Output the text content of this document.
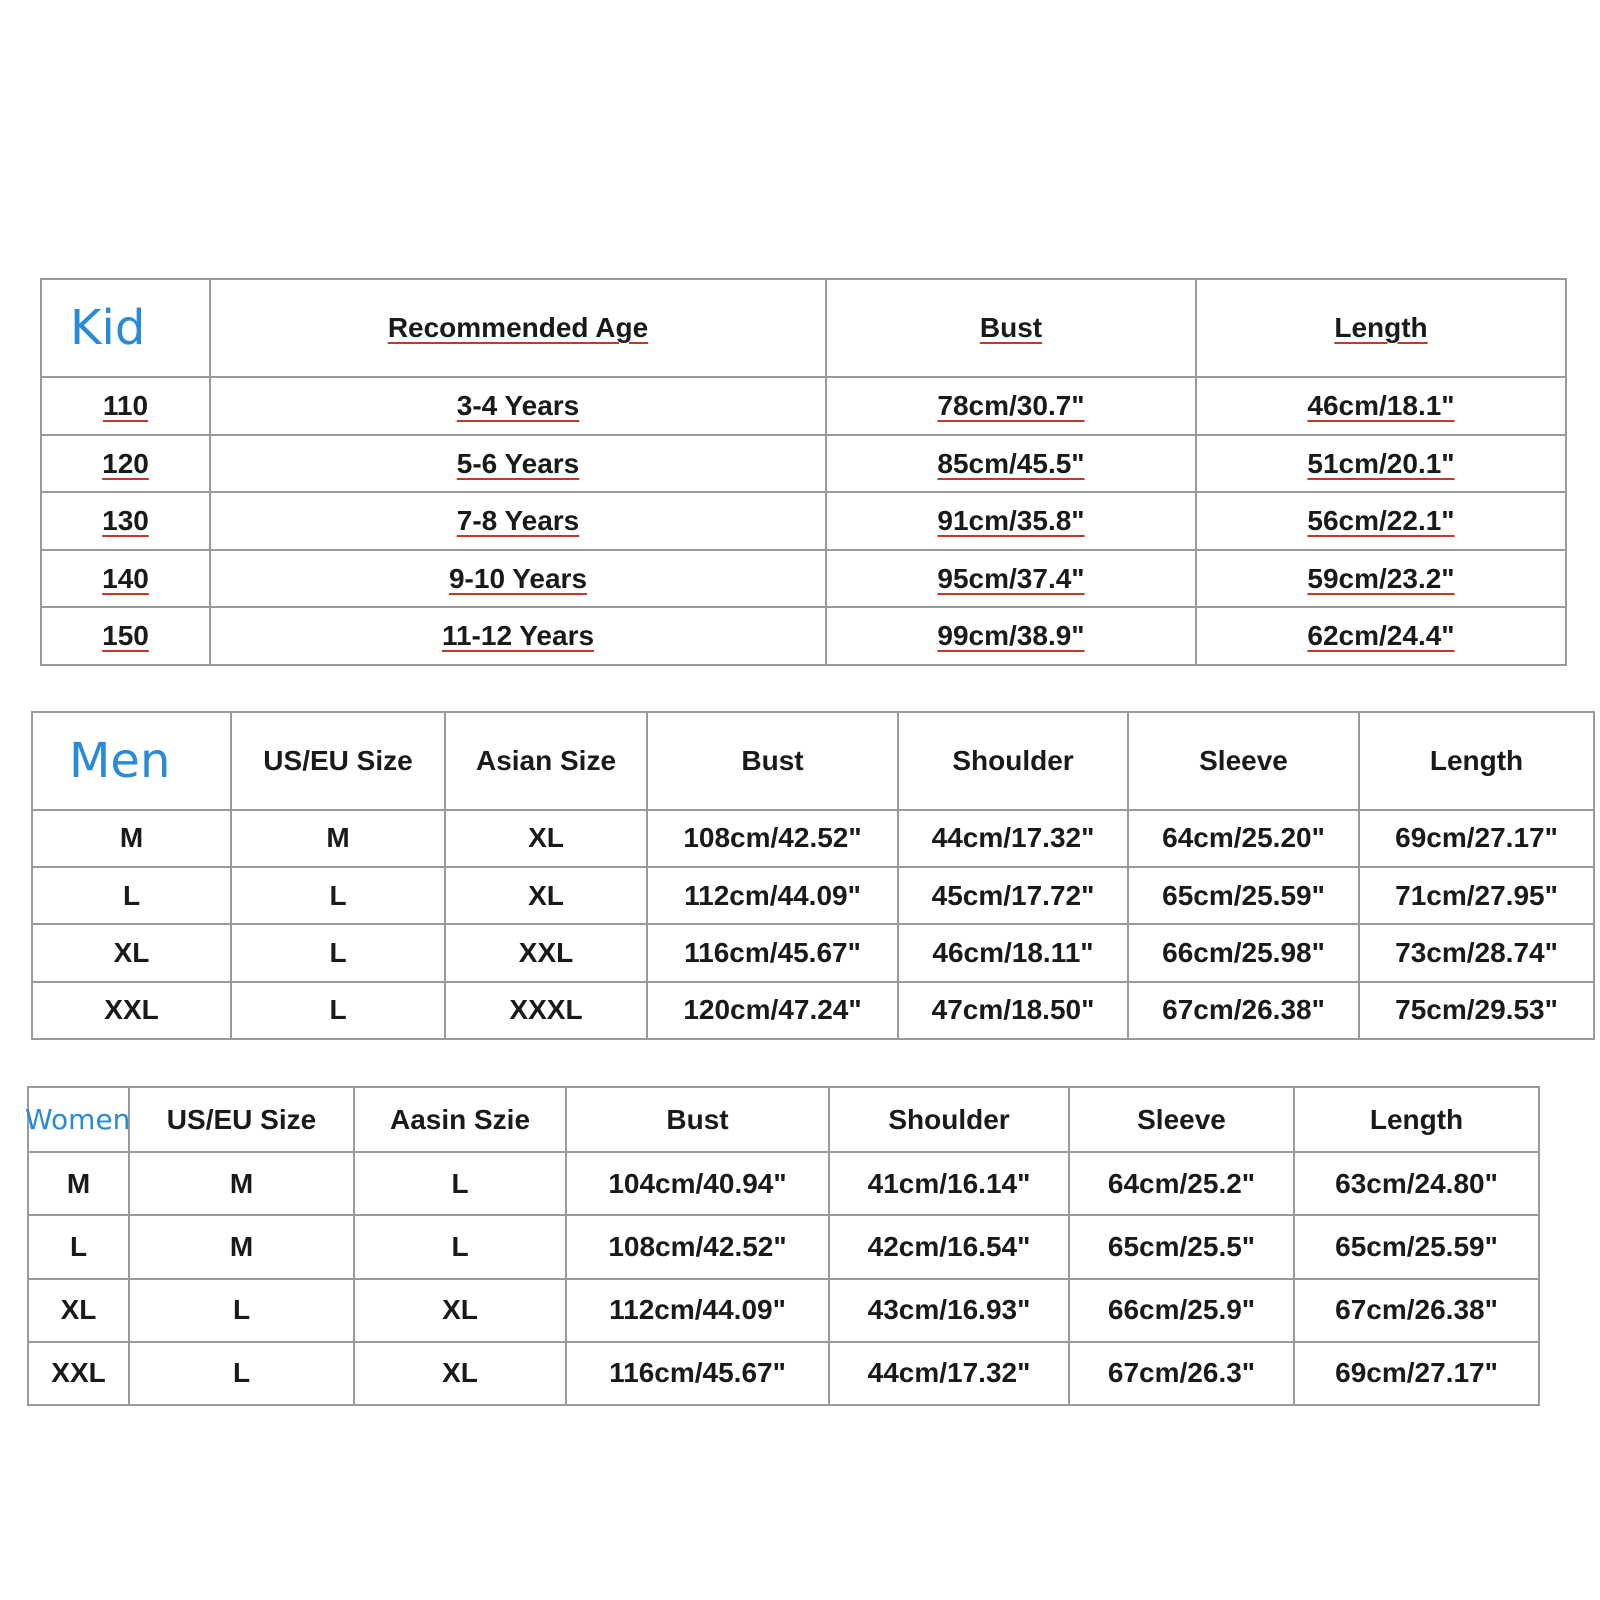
Kid	Recommended Age	Bust	Length
110	3-4 Years	78cm/30.7"	46cm/18.1"
120	5-6 Years	85cm/45.5"	51cm/20.1"
130	7-8 Years	91cm/35.8"	56cm/22.1"
140	9-10 Years	95cm/37.4"	59cm/23.2"
150	11-12 Years	99cm/38.9"	62cm/24.4"
Men	US/EU Size	Asian Size	Bust	Shoulder	Sleeve	Length
M	M	XL	108cm/42.52"	44cm/17.32"	64cm/25.20"	69cm/27.17"
L	L	XL	112cm/44.09"	45cm/17.72"	65cm/25.59"	71cm/27.95"
XL	L	XXL	116cm/45.67"	46cm/18.11"	66cm/25.98"	73cm/28.74"
XXL	L	XXXL	120cm/47.24"	47cm/18.50"	67cm/26.38"	75cm/29.53"
Women	US/EU Size	Aasin Szie	Bust	Shoulder	Sleeve	Length
M	M	L	104cm/40.94"	41cm/16.14"	64cm/25.2"	63cm/24.80"
L	M	L	108cm/42.52"	42cm/16.54"	65cm/25.5"	65cm/25.59"
XL	L	XL	112cm/44.09"	43cm/16.93"	66cm/25.9"	67cm/26.38"
XXL	L	XL	116cm/45.67"	44cm/17.32"	67cm/26.3"	69cm/27.17"
